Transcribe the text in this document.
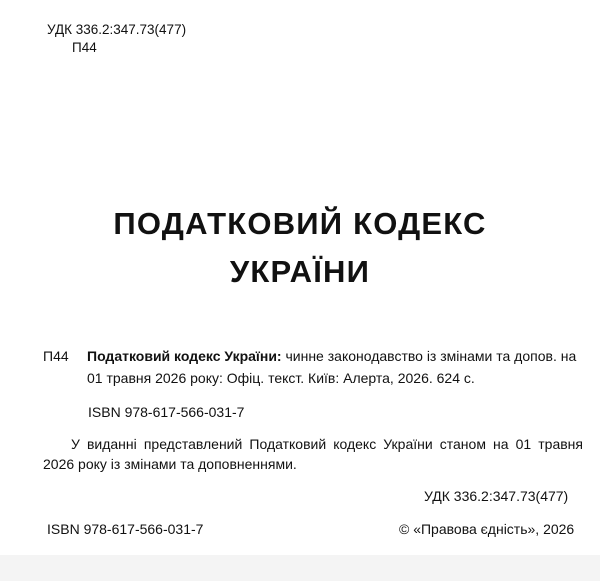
УДК 336.2:347.73(477)
П44
ПОДАТКОВИЙ КОДЕКС
УКРАЇНИ
П44 Податковий кодекс України: чинне законодавство із змінами та допов. на 01 травня 2026 року: Офіц. текст. Київ: Алерта, 2026. 624 с.
ISBN 978-617-566-031-7
У виданні представлений Податковий кодекс України станом на 01 травня 2026 року із змінами та доповненнями.
УДК 336.2:347.73(477)
ISBN 978-617-566-031-7	© «Правова єдність», 2026
